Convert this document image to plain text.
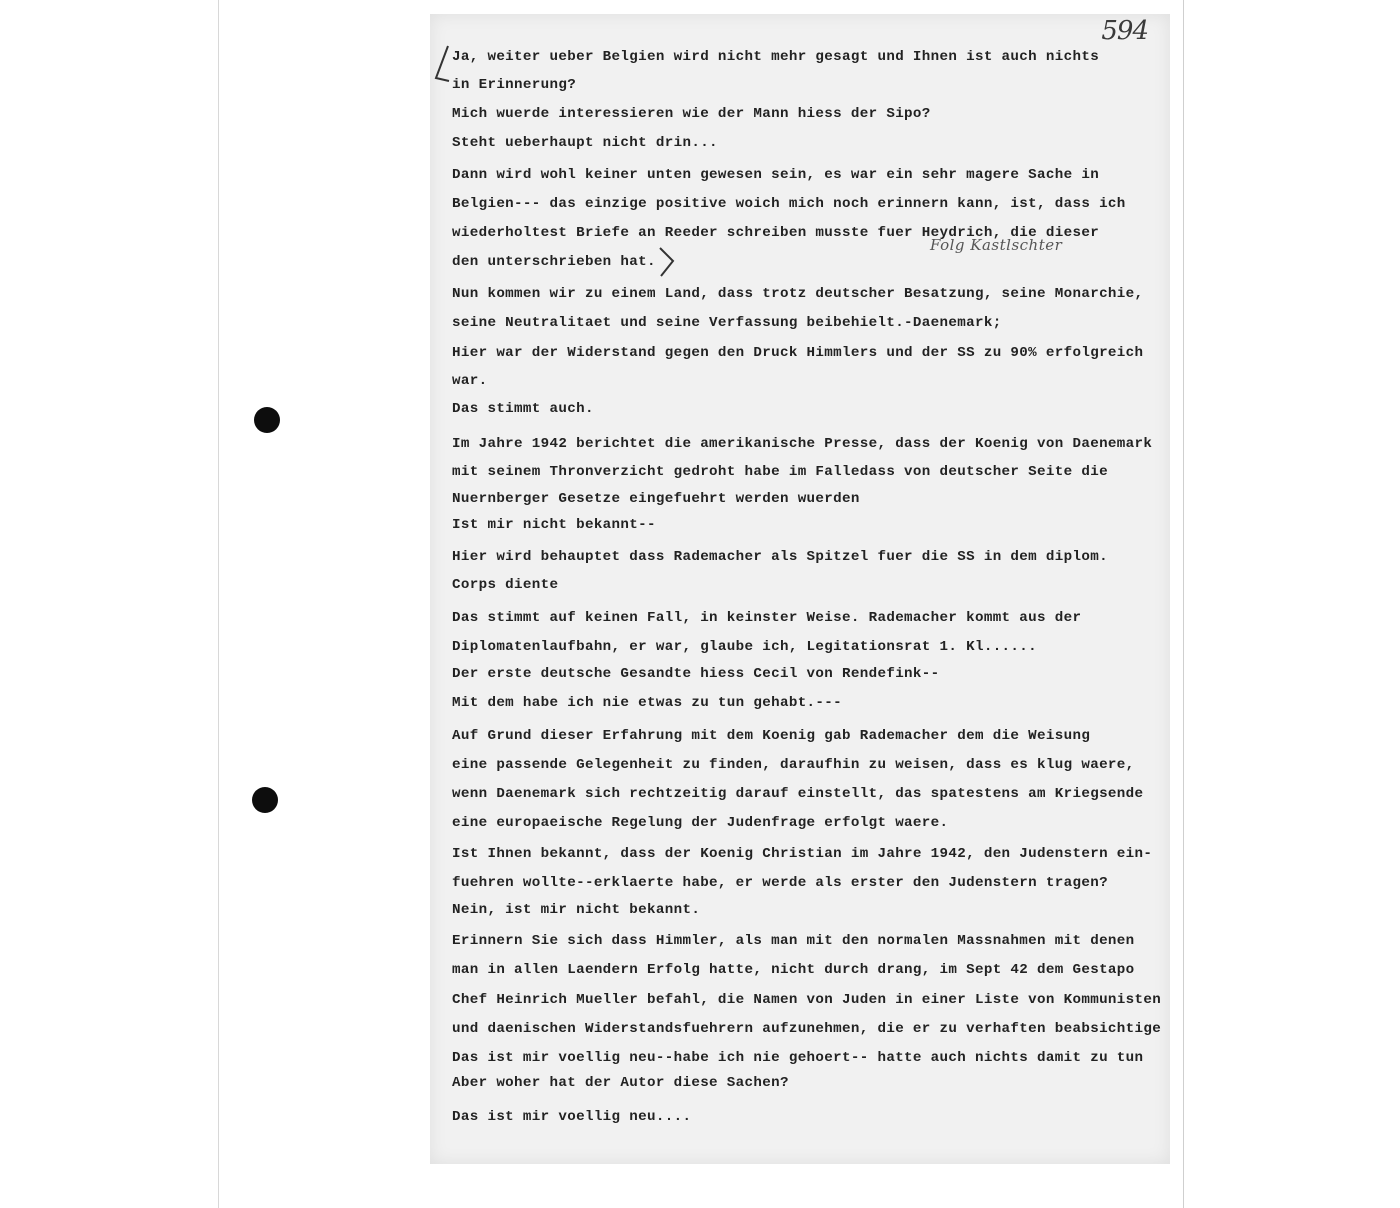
594
Folg Kastlschter
Ja, weiter ueber Belgien wird nicht mehr gesagt und Ihnen ist auch nichts
in Erinnerung?
Mich wuerde interessieren wie der Mann hiess der Sipo?
Steht ueberhaupt nicht drin...
Dann wird wohl keiner unten gewesen sein, es war ein sehr magere Sache in
Belgien--- das einzige positive woich mich noch erinnern kann, ist, dass ich
wiederholtest Briefe an Reeder schreiben musste fuer Heydrich, die dieser
den unterschrieben hat.
Nun kommen wir zu einem Land, dass trotz deutscher Besatzung, seine Monarchie,
seine Neutralitaet und seine Verfassung beibehielt.-Daenemark;
Hier war der Widerstand gegen den Druck Himmlers und der SS zu 90% erfolgreich
war.
Das stimmt auch.
Im Jahre 1942 berichtet die amerikanische Presse, dass der Koenig von Daenemark
mit seinem Thronverzicht gedroht habe im Falledass von deutscher Seite die
Nuernberger Gesetze eingefuehrt werden wuerden
Ist mir nicht bekannt--
Hier wird behauptet dass Rademacher als Spitzel fuer die SS in dem diplom.
Corps diente
Das stimmt auf keinen Fall, in keinster Weise. Rademacher kommt aus der
Diplomatenlaufbahn, er war, glaube ich, Legitationsrat 1. Kl......
Der erste deutsche Gesandte hiess Cecil von Rendefink--
Mit dem habe ich nie etwas zu tun gehabt.---
Auf Grund dieser Erfahrung mit dem Koenig gab Rademacher dem die Weisung
eine passende Gelegenheit zu finden, daraufhin zu weisen, dass es klug waere,
wenn Daenemark sich rechtzeitig darauf einstellt, das spatestens am Kriegsende
eine europaeische Regelung der Judenfrage erfolgt waere.
Ist Ihnen bekannt, dass der Koenig Christian im Jahre 1942, den Judenstern ein-
fuehren wollte--erklaerte habe, er werde als erster den Judenstern tragen?
Nein, ist mir nicht bekannt.
Erinnern Sie sich dass Himmler, als man mit den normalen Massnahmen mit denen
man in allen Laendern Erfolg hatte, nicht durch drang, im Sept 42 dem Gestapo
Chef Heinrich Mueller befahl, die Namen von Juden in einer Liste von Kommunisten
und daenischen Widerstandsfuehrern aufzunehmen, die er zu verhaften beabsichtige
Das ist mir voellig neu--habe ich nie gehoert-- hatte auch nichts damit zu tun
Aber woher hat der Autor diese Sachen?
Das ist mir voellig neu....
